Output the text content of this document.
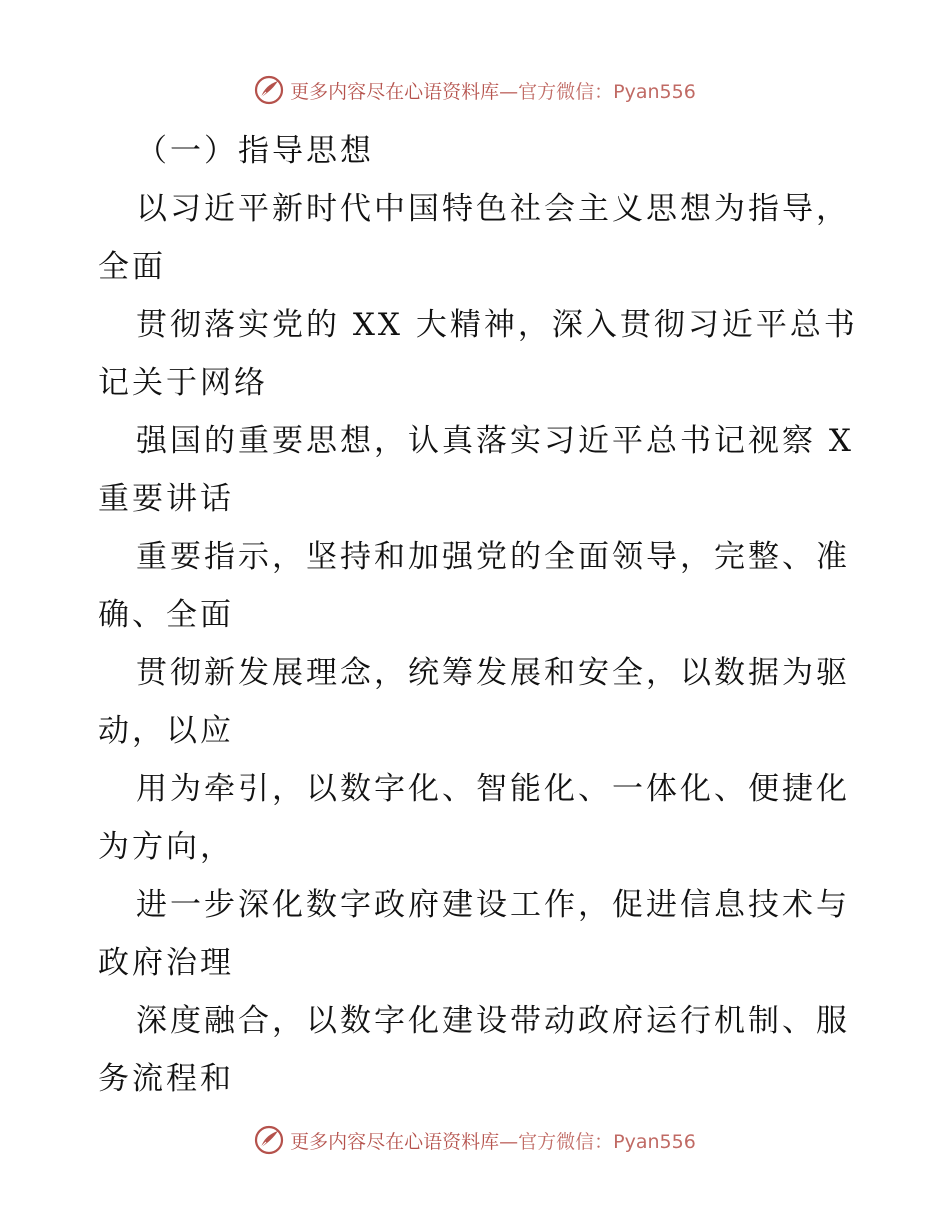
更多内容尽在心语资料库—官方微信：Pyan556
（一）指导思想
以习近平新时代中国特色社会主义思想为指导，
全面
贯彻落实党的 XX 大精神，深入贯彻习近平总书
记关于网络
强国的重要思想，认真落实习近平总书记视察 X
重要讲话
重要指示，坚持和加强党的全面领导，完整、准
确、全面
贯彻新发展理念，统筹发展和安全，以数据为驱
动，以应
用为牵引，以数字化、智能化、一体化、便捷化
为方向，
进一步深化数字政府建设工作，促进信息技术与
政府治理
深度融合，以数字化建设带动政府运行机制、服
务流程和
更多内容尽在心语资料库—官方微信：Pyan556
